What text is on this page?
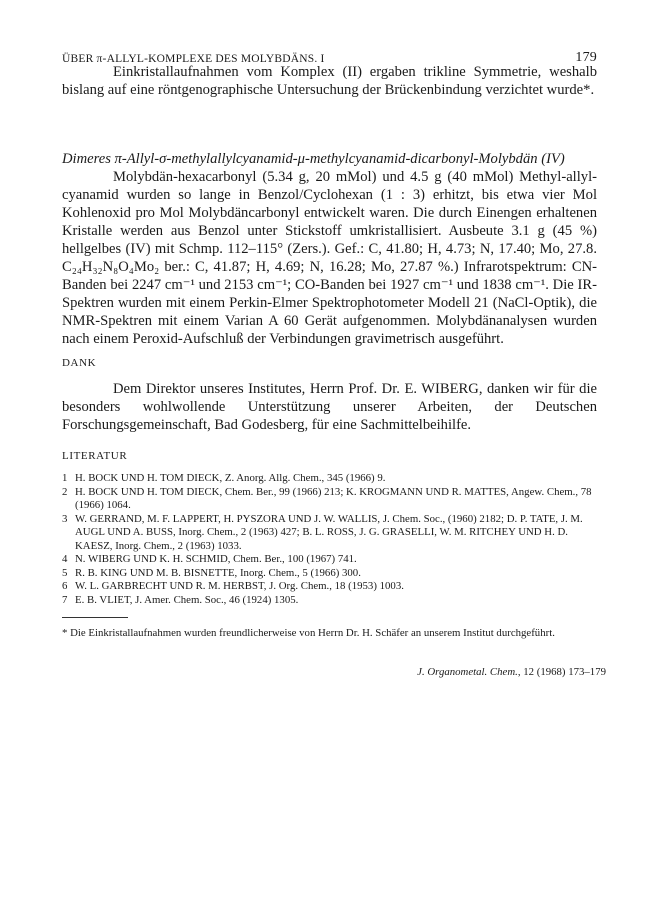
ÜBER π-ALLYL-KOMPLEXE DES MOLYBDÄNS. I	179

Einkristallaufnahmen vom Komplex (II) ergaben trikline Symmetrie, weshalb bislang auf eine röntgenographische Untersuchung der Brückenbindung verzichtet wurde*.

Dimeres π-Allyl-σ-methylallylcyanamid-μ-methylcyanamid-dicarbonyl-Molybdän (IV)

Molybdän-hexacarbonyl (5.34 g, 20 mMol) und 4.5 g (40 mMol) Methyl-allyl-cyanamid wurden so lange in Benzol/Cyclohexan (1 : 3) erhitzt, bis etwa vier Mol Kohlenoxid pro Mol Molybdäncarbonyl entwickelt waren. Die durch Einengen erhaltenen Kristalle werden aus Benzol unter Stickstoff umkristallisiert. Ausbeute 3.1 g (45 %) hellgelbes (IV) mit Schmp. 112–115° (Zers.). Gef.: C, 41.80; H, 4.73; N, 17.40; Mo, 27.8. C₂₄H₃₂N₈O₄Mo₂ ber.: C, 41.87; H, 4.69; N, 16.28; Mo, 27.87 %.) Infrarotspektrum: CN-Banden bei 2247 cm⁻¹ und 2153 cm⁻¹; CO-Banden bei 1927 cm⁻¹ und 1838 cm⁻¹. Die IR-Spektren wurden mit einem Perkin-Elmer Spektrophotometer Modell 21 (NaCl-Optik), die NMR-Spektren mit einem Varian A 60 Gerät aufgenommen. Molybdänanalysen wurden nach einem Peroxid-Aufschluß der Verbindungen gravimetrisch ausgeführt.

DANK

Dem Direktor unseres Institutes, Herrn Prof. Dr. E. WIBERG, danken wir für die besonders wohlwollende Unterstützung unserer Arbeiten, der Deutschen Forschungsgemeinschaft, Bad Godesberg, für eine Sachmittelbeihilfe.

LITERATUR
1 H. BOCK UND H. TOM DIECK, Z. Anorg. Allg. Chem., 345 (1966) 9.
2 H. BOCK UND H. TOM DIECK, Chem. Ber., 99 (1966) 213; K. KROGMANN UND R. MATTES, Angew. Chem., 78 (1966) 1064.
3 W. GERRAND, M. F. LAPPERT, H. PYSZORA UND J. W. WALLIS, J. Chem. Soc., (1960) 2182; D. P. TATE, J. M. AUGL UND A. BUSS, Inorg. Chem., 2 (1963) 427; B. L. ROSS, J. G. GRASELLI, W. M. RITCHEY UND H. D. KAESZ, Inorg. Chem., 2 (1963) 1033.
4 N. WIBERG UND K. H. SCHMID, Chem. Ber., 100 (1967) 741.
5 R. B. KING UND M. B. BISNETTE, Inorg. Chem., 5 (1966) 300.
6 W. L. GARBRECHT UND R. M. HERBST, J. Org. Chem., 18 (1953) 1003.
7 E. B. VLIET, J. Amer. Chem. Soc., 46 (1924) 1305.
* Die Einkristallaufnahmen wurden freundlicherweise von Herrn Dr. H. Schäfer an unserem Institut durchgeführt.
J. Organometal. Chem., 12 (1968) 173–179
